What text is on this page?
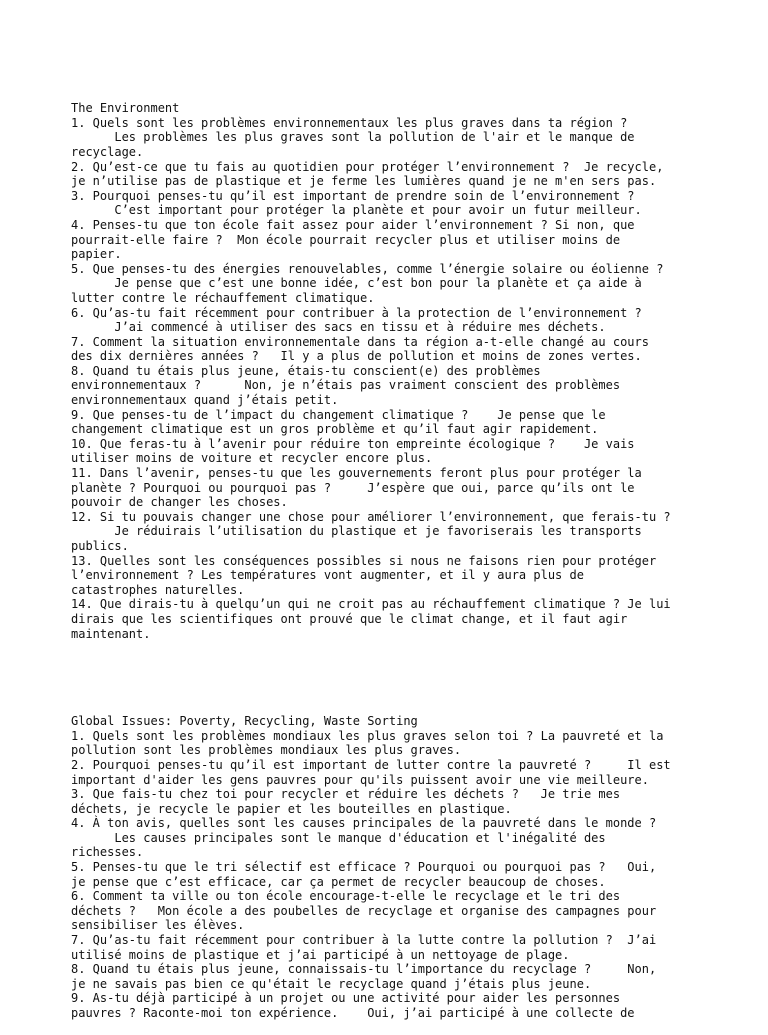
The Environment
1. Quels sont les problèmes environnementaux les plus graves dans ta région ?
Les problèmes les plus graves sont la pollution de l'air et le manque de
recyclage.
2. Qu’est-ce que tu fais au quotidien pour protéger l’environnement ?  Je recycle,
je n’utilise pas de plastique et je ferme les lumières quand je ne m'en sers pas.
3. Pourquoi penses-tu qu’il est important de prendre soin de l’environnement ?
C’est important pour protéger la planète et pour avoir un futur meilleur.
4. Penses-tu que ton école fait assez pour aider l’environnement ? Si non, que
pourrait-elle faire ?  Mon école pourrait recycler plus et utiliser moins de
papier.
5. Que penses-tu des énergies renouvelables, comme l’énergie solaire ou éolienne ?
Je pense que c’est une bonne idée, c’est bon pour la planète et ça aide à
lutter contre le réchauffement climatique.
6. Qu’as-tu fait récemment pour contribuer à la protection de l’environnement ?
J’ai commencé à utiliser des sacs en tissu et à réduire mes déchets.
7. Comment la situation environnementale dans ta région a-t-elle changé au cours
des dix dernières années ?   Il y a plus de pollution et moins de zones vertes.
8. Quand tu étais plus jeune, étais-tu conscient(e) des problèmes
environnementaux ?      Non, je n’étais pas vraiment conscient des problèmes
environnementaux quand j’étais petit.
9. Que penses-tu de l’impact du changement climatique ?    Je pense que le
changement climatique est un gros problème et qu’il faut agir rapidement.
10. Que feras-tu à l’avenir pour réduire ton empreinte écologique ?    Je vais
utiliser moins de voiture et recycler encore plus.
11. Dans l’avenir, penses-tu que les gouvernements feront plus pour protéger la
planète ? Pourquoi ou pourquoi pas ?     J’espère que oui, parce qu’ils ont le
pouvoir de changer les choses.
12. Si tu pouvais changer une chose pour améliorer l’environnement, que ferais-tu ?
Je réduirais l’utilisation du plastique et je favoriserais les transports
publics.
13. Quelles sont les conséquences possibles si nous ne faisons rien pour protéger
l’environnement ? Les températures vont augmenter, et il y aura plus de
catastrophes naturelles.
14. Que dirais-tu à quelqu’un qui ne croit pas au réchauffement climatique ? Je lui
dirais que les scientifiques ont prouvé que le climat change, et il faut agir
maintenant.

Global Issues: Poverty, Recycling, Waste Sorting
1. Quels sont les problèmes mondiaux les plus graves selon toi ? La pauvreté et la
pollution sont les problèmes mondiaux les plus graves.
2. Pourquoi penses-tu qu’il est important de lutter contre la pauvreté ?     Il est
important d'aider les gens pauvres pour qu'ils puissent avoir une vie meilleure.
3. Que fais-tu chez toi pour recycler et réduire les déchets ?   Je trie mes
déchets, je recycle le papier et les bouteilles en plastique.
4. À ton avis, quelles sont les causes principales de la pauvreté dans le monde ?
Les causes principales sont le manque d'éducation et l'inégalité des
richesses.
5. Penses-tu que le tri sélectif est efficace ? Pourquoi ou pourquoi pas ?   Oui,
je pense que c’est efficace, car ça permet de recycler beaucoup de choses.
6. Comment ta ville ou ton école encourage-t-elle le recyclage et le tri des
déchets ?   Mon école a des poubelles de recyclage et organise des campagnes pour
sensibiliser les élèves.
7. Qu’as-tu fait récemment pour contribuer à la lutte contre la pollution ?  J’ai
utilisé moins de plastique et j’ai participé à un nettoyage de plage.
8. Quand tu étais plus jeune, connaissais-tu l’importance du recyclage ?     Non,
je ne savais pas bien ce qu'était le recyclage quand j’étais plus jeune.
9. As-tu déjà participé à un projet ou une activité pour aider les personnes
pauvres ? Raconte-moi ton expérience.    Oui, j’ai participé à une collecte de
